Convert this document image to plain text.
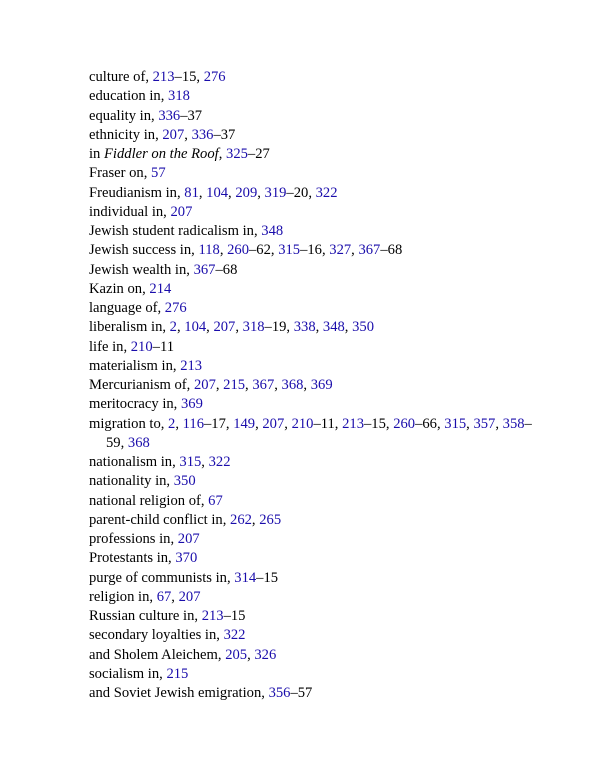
culture of, 213–15, 276
education in, 318
equality in, 336–37
ethnicity in, 207, 336–37
in Fiddler on the Roof, 325–27
Fraser on, 57
Freudianism in, 81, 104, 209, 319–20, 322
individual in, 207
Jewish student radicalism in, 348
Jewish success in, 118, 260–62, 315–16, 327, 367–68
Jewish wealth in, 367–68
Kazin on, 214
language of, 276
liberalism in, 2, 104, 207, 318–19, 338, 348, 350
life in, 210–11
materialism in, 213
Mercurianism of, 207, 215, 367, 368, 369
meritocracy in, 369
migration to, 2, 116–17, 149, 207, 210–11, 213–15, 260–66, 315, 357, 358–59, 368
nationalism in, 315, 322
nationality in, 350
national religion of, 67
parent-child conflict in, 262, 265
professions in, 207
Protestants in, 370
purge of communists in, 314–15
religion in, 67, 207
Russian culture in, 213–15
secondary loyalties in, 322
and Sholem Aleichem, 205, 326
socialism in, 215
and Soviet Jewish emigration, 356–57
